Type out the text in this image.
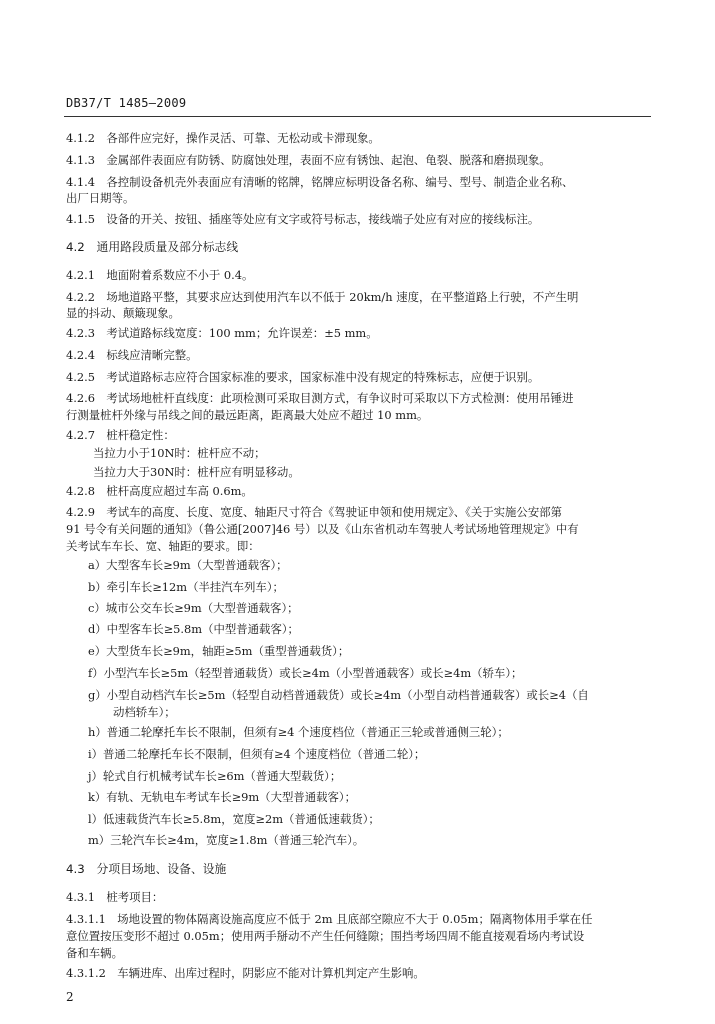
DB37/T 1485—2009
4.1.2　各部件应完好，操作灵活、可靠、无松动或卡滞现象。
4.1.3　金属部件表面应有防锈、防腐蚀处理，表面不应有锈蚀、起泡、龟裂、脱落和磨损现象。
4.1.4　各控制设备机壳外表面应有清晰的铭牌，铭牌应标明设备名称、编号、型号、制造企业名称、
出厂日期等。
4.1.5　设备的开关、按钮、插座等处应有文字或符号标志，接线端子处应有对应的接线标注。
4.2　通用路段质量及部分标志线
4.2.1　地面附着系数应不小于 0.4。
4.2.2　场地道路平整，其要求应达到使用汽车以不低于 20km/h 速度，在平整道路上行驶，不产生明
显的抖动、颠簸现象。
4.2.3　考试道路标线宽度：100 mm；允许误差：±5 mm。
4.2.4　标线应清晰完整。
4.2.5　考试道路标志应符合国家标准的要求，国家标准中没有规定的特殊标志，应便于识别。
4.2.6　考试场地桩杆直线度：此项检测可采取目测方式，有争议时可采取以下方式检测：使用吊锤进
行测量桩杆外缘与吊线之间的最远距离，距离最大处应不超过 10 mm。
4.2.7　桩杆稳定性：
当拉力小于10N时：桩杆应不动；
当拉力大于30N时：桩杆应有明显移动。
4.2.8　桩杆高度应超过车高 0.6m。
4.2.9　考试车的高度、长度、宽度、轴距尺寸符合《驾驶证申领和使用规定》、《关于实施公安部第
91 号令有关问题的通知》（鲁公通[2007]46 号）以及《山东省机动车驾驶人考试场地管理规定》中有
关考试车车长、宽、轴距的要求。即：
a）大型客车长≥9m（大型普通载客）；
b）牵引车长≥12m（半挂汽车列车）；
c）城市公交车长≥9m（大型普通载客）；
d）中型客车长≥5.8m（中型普通载客）；
e）大型货车长≥9m，轴距≥5m（重型普通载货）；
f）小型汽车长≥5m（轻型普通载货）或长≥4m（小型普通载客）或长≥4m（轿车）；
g）小型自动档汽车长≥5m（轻型自动档普通载货）或长≥4m（小型自动档普通载客）或长≥4（自
动档轿车）；
h）普通二轮摩托车长不限制，但须有≥4 个速度档位（普通正三轮或普通侧三轮）；
i）普通二轮摩托车长不限制，但须有≥4 个速度档位（普通二轮）；
j）轮式自行机械考试车长≥6m（普通大型载货）；
k）有轨、无轨电车考试车长≥9m（大型普通载客）；
l）低速载货汽车长≥5.8m，宽度≥2m（普通低速载货）；
m）三轮汽车长≥4m，宽度≥1.8m（普通三轮汽车）。
4.3　分项目场地、设备、设施
4.3.1　桩考项目：
4.3.1.1　场地设置的物体隔离设施高度应不低于 2m 且底部空隙应不大于 0.05m；隔离物体用手掌在任
意位置按压变形不超过 0.05m；使用两手掰动不产生任何缝隙；围挡考场四周不能直接观看场内考试设
备和车辆。
4.3.1.2　车辆进库、出库过程时，阴影应不能对计算机判定产生影响。
2
